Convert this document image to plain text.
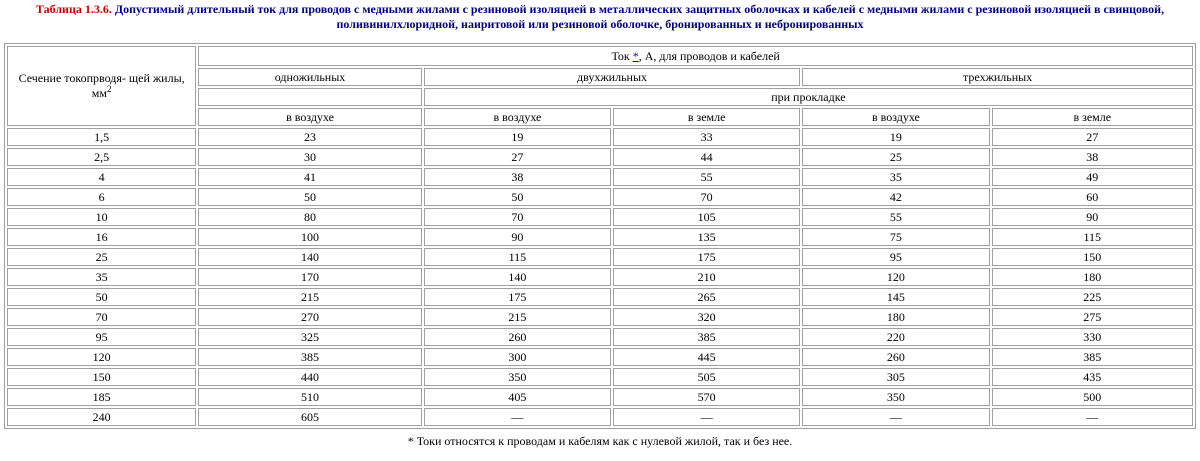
Таблица 1.3.6. Допустимый длительный ток для проводов с медными жилами с резиновой изоляцией в металлических защитных оболочках и кабелей с медными жилами с резиновой изоляцией в свинцовой, поливинилхлоридной, наиритовой или резиновой оболочке, бронированных и небронированных
Сечение токопрводя- щей жилы, $мм^2$	Ток *, А, для проводов и кабелей				
	одножильных	двухжильных		трехжильных	
		при прокладке			
	в воздухе	в воздухе	в земле	в воздухе	в земле
1,5	23	19	33	19	27
2,5	30	27	44	25	38
4	41	38	55	35	49
6	50	50	70	42	60
10	80	70	105	55	90
16	100	90	135	75	115
25	140	115	175	95	150
35	170	140	210	120	180
50	215	175	265	145	225
70	270	215	320	180	275
95	325	260	385	220	330
120	385	300	445	260	385
150	440	350	505	305	435
185	510	405	570	350	500
240	605	—	—	—	—
* Токи относятся к проводам и кабелям как с нулевой жилой, так и без нее.
